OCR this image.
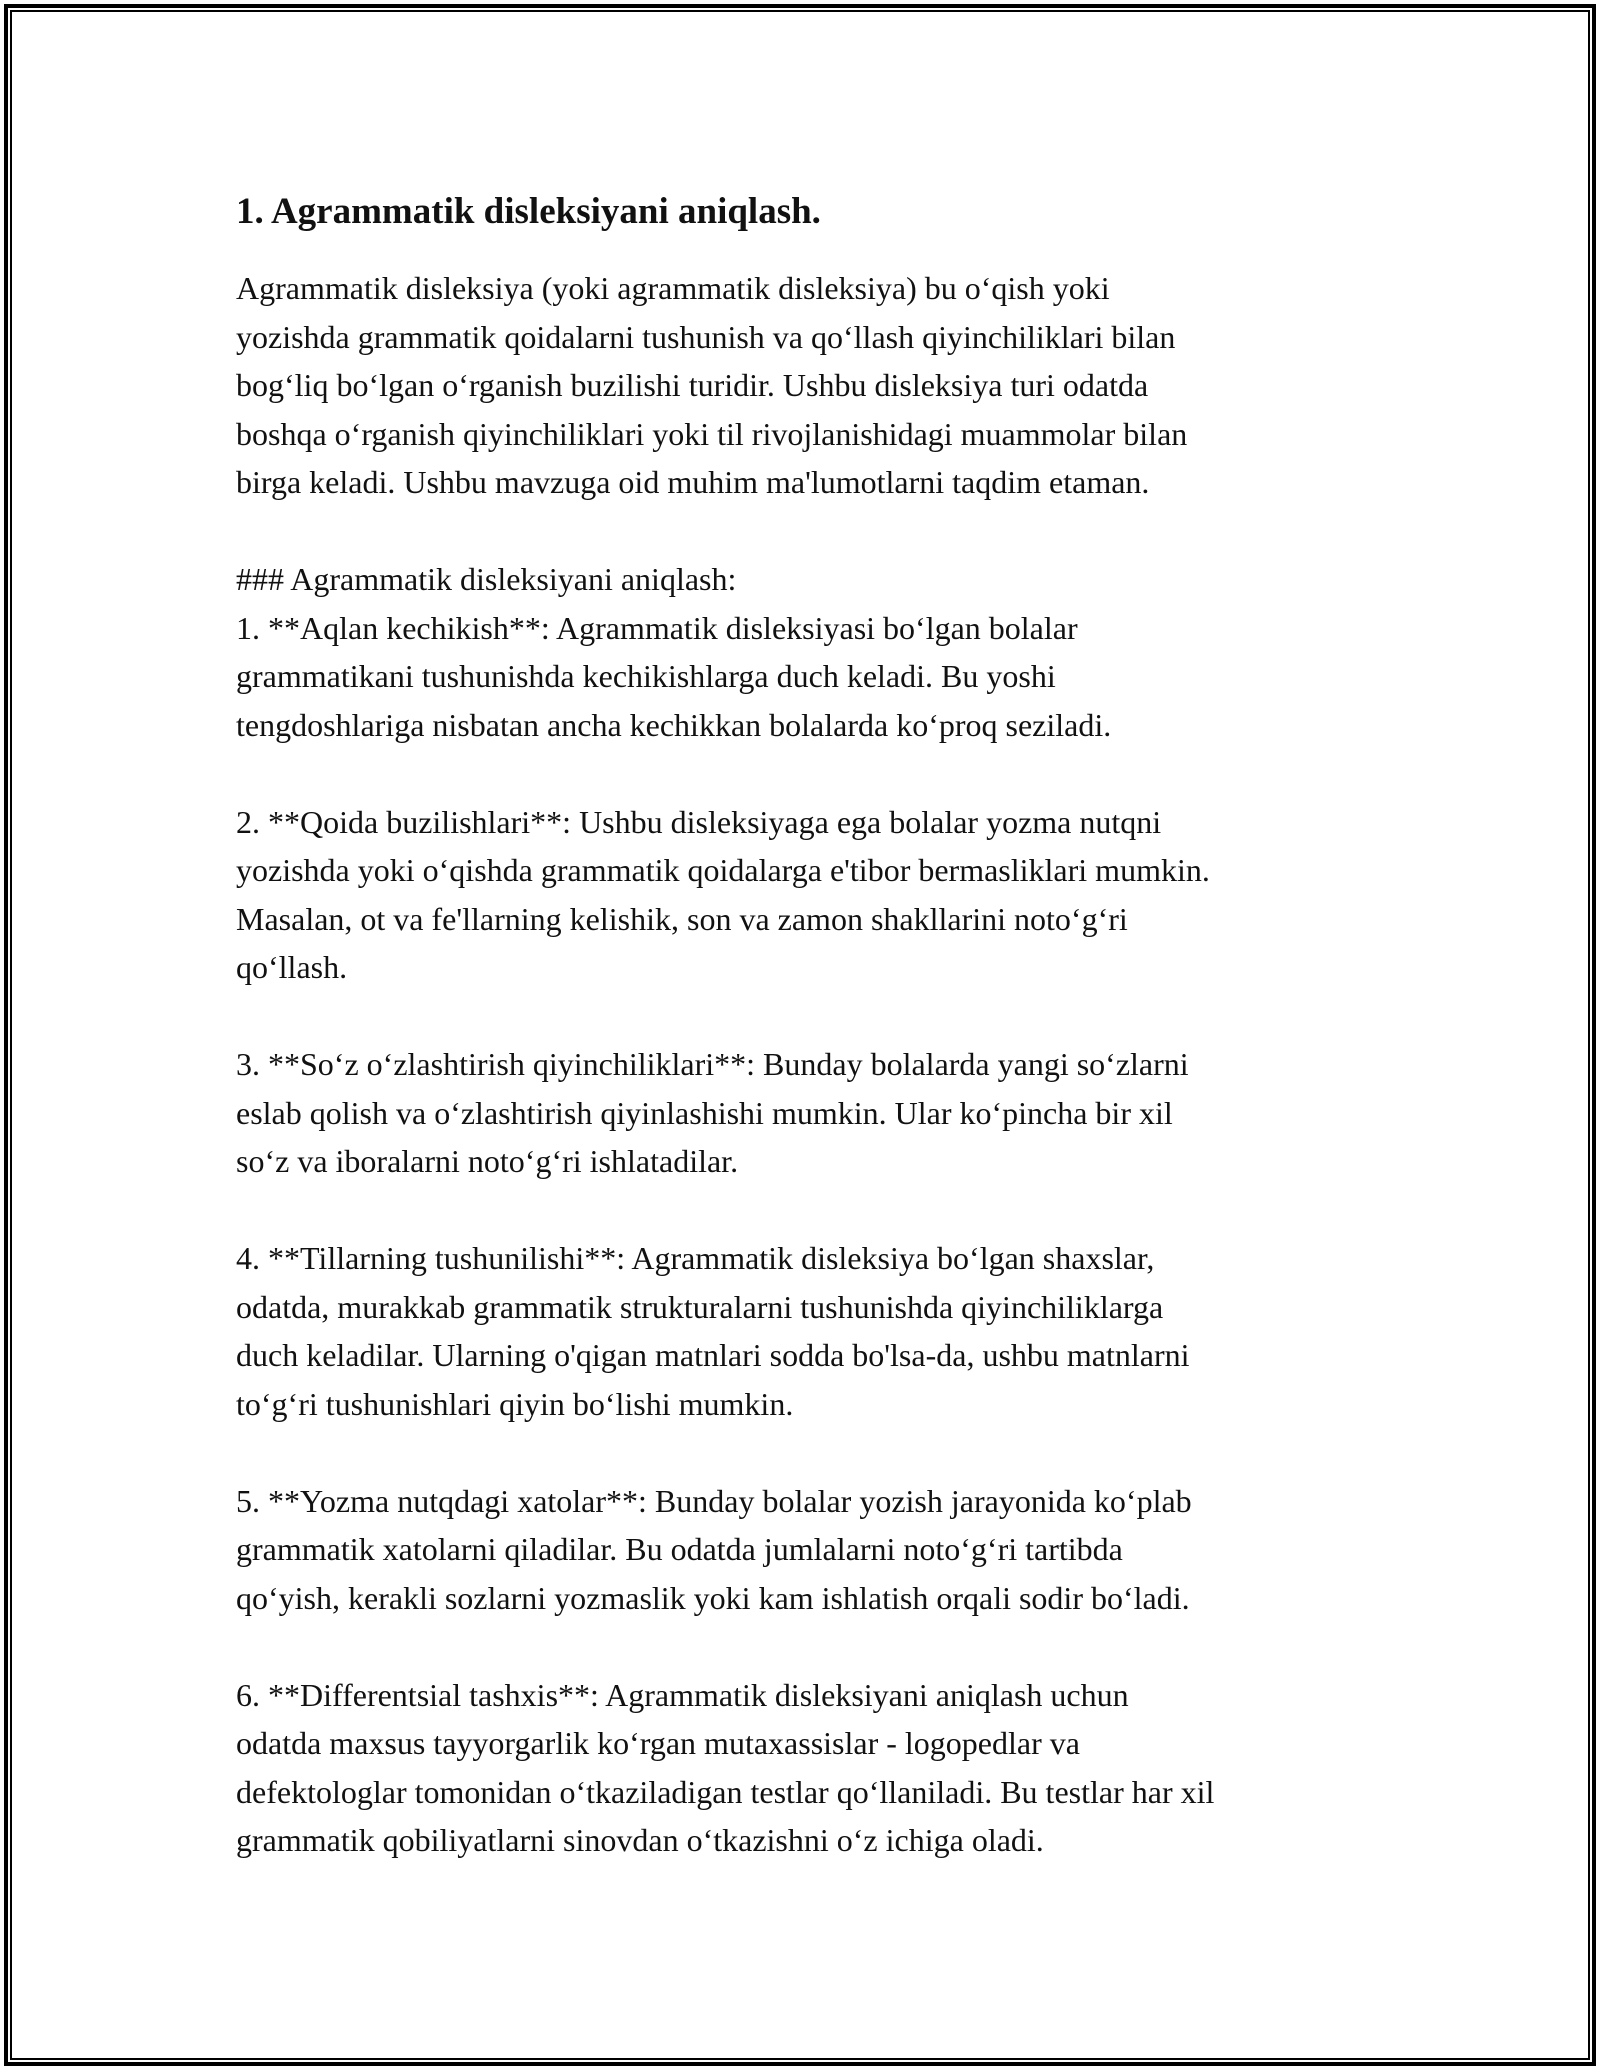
1. Agrammatik disleksiyani aniqlash.
Agrammatik disleksiya (yoki agrammatik disleksiya) bu o‘qish yoki
yozishda grammatik qoidalarni tushunish va qo‘llash qiyinchiliklari bilan
bog‘liq bo‘lgan o‘rganish buzilishi turidir. Ushbu disleksiya turi odatda
boshqa o‘rganish qiyinchiliklari yoki til rivojlanishidagi muammolar bilan
birga keladi. Ushbu mavzuga oid muhim ma'lumotlarni taqdim etaman.
### Agrammatik disleksiyani aniqlash:
1. **Aqlan kechikish**: Agrammatik disleksiyasi bo‘lgan bolalar
grammatikani tushunishda kechikishlarga duch keladi. Bu yoshi
tengdoshlariga nisbatan ancha kechikkan bolalarda ko‘proq seziladi.
2. **Qoida buzilishlari**: Ushbu disleksiyaga ega bolalar yozma nutqni
yozishda yoki o‘qishda grammatik qoidalarga e'tibor bermasliklari mumkin.
Masalan, ot va fe'llarning kelishik, son va zamon shakllarini noto‘g‘ri
qo‘llash.
3. **So‘z o‘zlashtirish qiyinchiliklari**: Bunday bolalarda yangi so‘zlarni
eslab qolish va o‘zlashtirish qiyinlashishi mumkin. Ular ko‘pincha bir xil
so‘z va iboralarni noto‘g‘ri ishlatadilar.
4. **Tillarning tushunilishi**: Agrammatik disleksiya bo‘lgan shaxslar,
odatda, murakkab grammatik strukturalarni tushunishda qiyinchiliklarga
duch keladilar. Ularning o'qigan matnlari sodda bo'lsa-da, ushbu matnlarni
to‘g‘ri tushunishlari qiyin bo‘lishi mumkin.
5. **Yozma nutqdagi xatolar**: Bunday bolalar yozish jarayonida ko‘plab
grammatik xatolarni qiladilar. Bu odatda jumlalarni noto‘g‘ri tartibda
qo‘yish, kerakli sozlarni yozmaslik yoki kam ishlatish orqali sodir bo‘ladi.
6. **Differentsial tashxis**: Agrammatik disleksiyani aniqlash uchun
odatda maxsus tayyorgarlik ko‘rgan mutaxassislar - logopedlar va
defektologlar tomonidan o‘tkaziladigan testlar qo‘llaniladi. Bu testlar har xil
grammatik qobiliyatlarni sinovdan o‘tkazishni o‘z ichiga oladi.
